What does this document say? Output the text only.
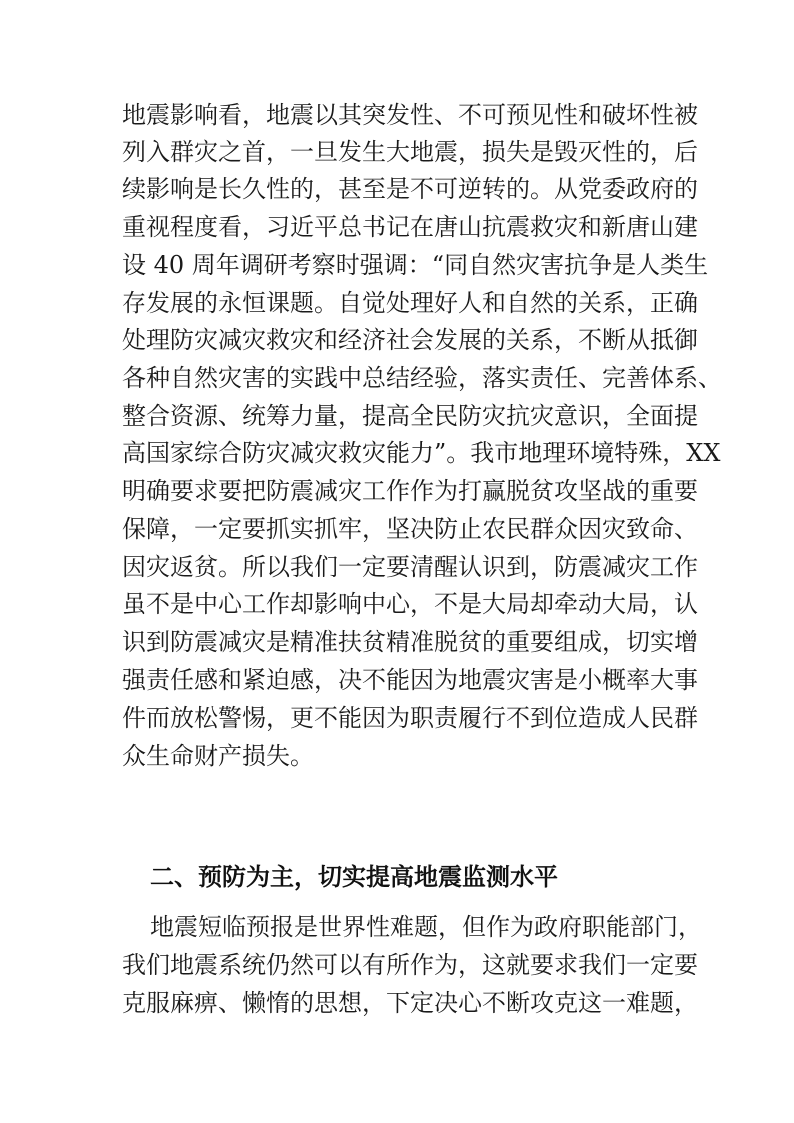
地震影响看，地震以其突发性、不可预见性和破坏性被
列入群灾之首，一旦发生大地震，损失是毁灭性的，后
续影响是长久性的，甚至是不可逆转的。从党委政府的
重视程度看，习近平总书记在唐山抗震救灾和新唐山建
设 40 周年调研考察时强调：“同自然灾害抗争是人类生
存发展的永恒课题。自觉处理好人和自然的关系，正确
处理防灾减灾救灾和经济社会发展的关系，不断从抵御
各种自然灾害的实践中总结经验，落实责任、完善体系、
整合资源、统筹力量，提高全民防灾抗灾意识，全面提
高国家综合防灾减灾救灾能力”。我市地理环境特殊，XX
明确要求要把防震减灾工作作为打赢脱贫攻坚战的重要
保障，一定要抓实抓牢，坚决防止农民群众因灾致命、
因灾返贫。所以我们一定要清醒认识到，防震减灾工作
虽不是中心工作却影响中心，不是大局却牵动大局，认
识到防震减灾是精准扶贫精准脱贫的重要组成，切实增
强责任感和紧迫感，决不能因为地震灾害是小概率大事
件而放松警惕，更不能因为职责履行不到位造成人民群
众生命财产损失。
二、预防为主，切实提高地震监测水平
地震短临预报是世界性难题，但作为政府职能部门，
我们地震系统仍然可以有所作为，这就要求我们一定要
克服麻痹、懒惰的思想，下定决心不断攻克这一难题，
